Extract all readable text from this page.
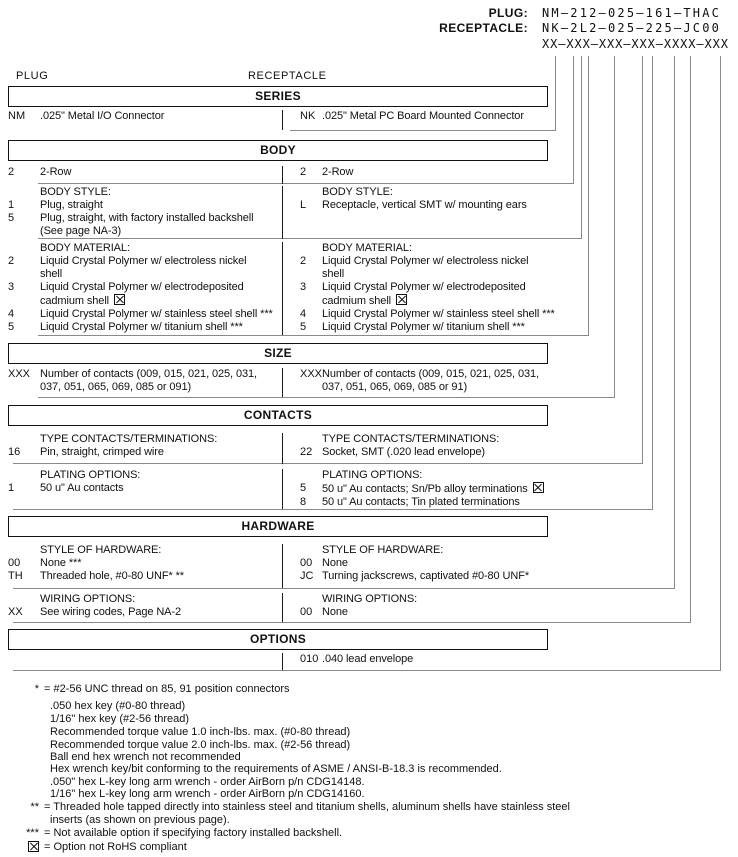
PLUG: NM–212–025–161–THAC
RECEPTACLE: NK–2L2–025–225–JC00
XX–XXX–XXX–XXX–XXXX–XXX
PLUG	RECEPTACLE
SERIES
NM	.025" Metal I/O Connector	NK .025" Metal PC Board Mounted Connector
BODY
2	2-Row	2	2-Row
BODY STYLE:
1	Plug, straight
5	Plug, straight, with factory installed backshell
(See page NA-3)
BODY STYLE:
L	Receptacle, vertical SMT w/ mounting ears
BODY MATERIAL:
2	Liquid Crystal Polymer w/ electroless nickel
shell
3	Liquid Crystal Polymer w/ electrodeposited
cadmium shell
4	Liquid Crystal Polymer w/ stainless steel shell ***
5	Liquid Crystal Polymer w/ titanium shell ***
BODY MATERIAL:
2	Liquid Crystal Polymer w/ electroless nickel
shell
3	Liquid Crystal Polymer w/ electrodeposited
cadmium shell
4	Liquid Crystal Polymer w/ stainless steel shell ***
5	Liquid Crystal Polymer w/ titanium shell ***
SIZE
XXX Number of contacts (009, 015, 021, 025, 031,
037, 051, 065, 069, 085 or 091)
XXX Number of contacts (009, 015, 021, 025, 031,
037, 051, 065, 069, 085 or 91)
CONTACTS
TYPE CONTACTS/TERMINATIONS:
16	Pin, straight, crimped wire
TYPE CONTACTS/TERMINATIONS:
22 Socket, SMT (.020 lead envelope)
PLATING OPTIONS:
1	50 u" Au contacts
PLATING OPTIONS:
5	50 u" Au contacts; Sn/Pb alloy terminations
8	50 u" Au contacts; Tin plated terminations
HARDWARE
STYLE OF HARDWARE:
00	None ***
TH	Threaded hole, #0-80 UNF* **
STYLE OF HARDWARE:
00 None
JC Turning jackscrews, captivated #0-80 UNF*
WIRING OPTIONS:
XX	See wiring codes, Page NA-2
WIRING OPTIONS:
00 None
OPTIONS
010 .040 lead envelope
* = #2-56 UNC thread on 85, 91 position connectors
.050 hex key (#0-80 thread)
1/16" hex key (#2-56 thread)
Recommended torque value 1.0 inch-lbs. max. (#0-80 thread)
Recommended torque value 2.0 inch-lbs. max. (#2-56 thread)
Ball end hex wrench not recommended
Hex wrench key/bit conforming to the requirements of ASME / ANSI-B-18.3 is recommended.
.050" hex L-key long arm wrench - order AirBorn p/n CDG14148.
1/16" hex L-key long arm wrench - order AirBorn p/n CDG14160.
** = Threaded hole tapped directly into stainless steel and titanium shells, aluminum shells have stainless steel
inserts (as shown on previous page).
*** = Not available option if specifying factory installed backshell.
= Option not RoHS compliant
